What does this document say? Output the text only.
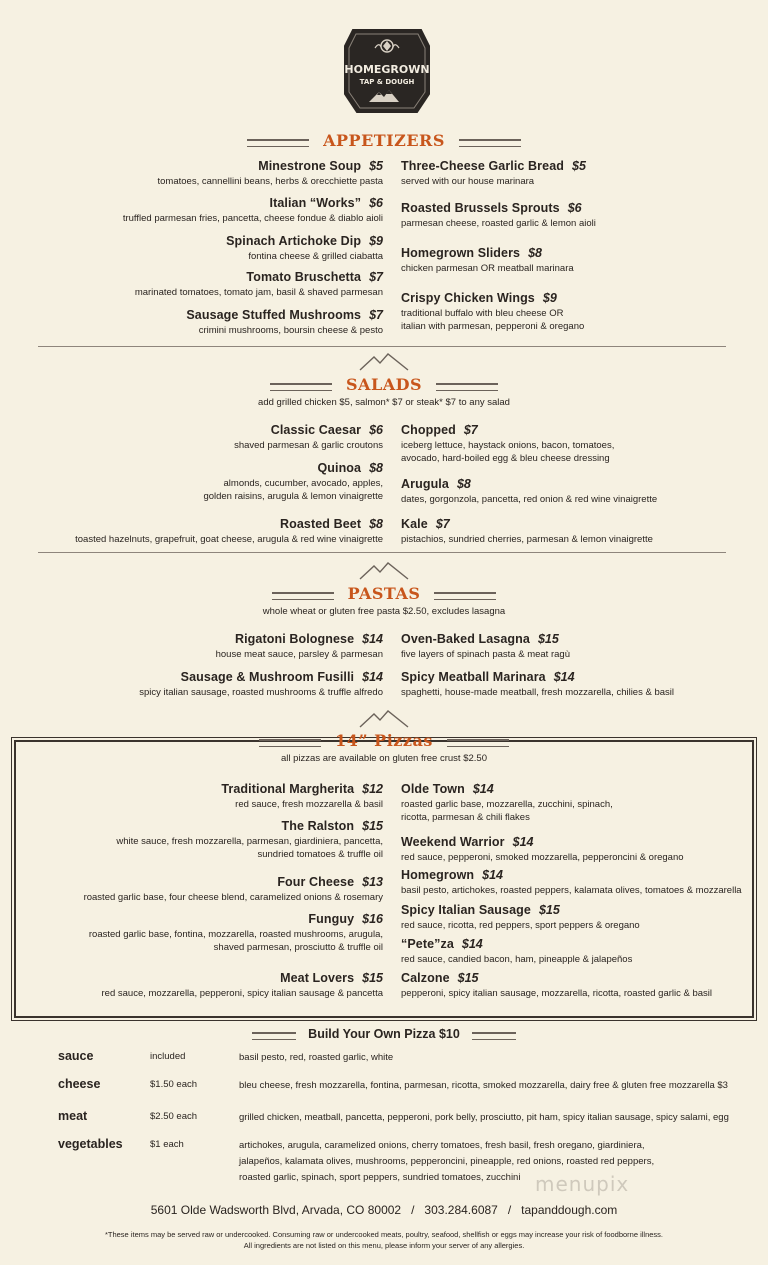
HOMEGROWN
TAP & DOUGH
APPETIZERS
Minestrone Soup $5
tomatoes, cannellini beans, herbs & orecchiette pasta
Italian “Works” $6
truffled parmesan fries, pancetta, cheese fondue & diablo aioli
Spinach Artichoke Dip $9
fontina cheese & grilled ciabatta
Tomato Bruschetta $7
marinated tomatoes, tomato jam, basil & shaved parmesan
Sausage Stuffed Mushrooms $7
crimini mushrooms, boursin cheese & pesto
Three-Cheese Garlic Bread $5
served with our house marinara
Roasted Brussels Sprouts $6
parmesan cheese, roasted garlic & lemon aioli
Homegrown Sliders $8
chicken parmesan OR meatball marinara
Crispy Chicken Wings $9
traditional buffalo with bleu cheese OR
italian with parmesan, pepperoni & oregano
SALADS
add grilled chicken $5, salmon* $7 or steak* $7 to any salad
Classic Caesar $6
shaved parmesan & garlic croutons
Quinoa $8
almonds, cucumber, avocado, apples,
golden raisins, arugula & lemon vinaigrette
Roasted Beet $8
toasted hazelnuts, grapefruit, goat cheese, arugula & red wine vinaigrette
Chopped $7
iceberg lettuce, haystack onions, bacon, tomatoes,
avocado, hard-boiled egg & bleu cheese dressing
Arugula $8
dates, gorgonzola, pancetta, red onion & red wine vinaigrette
Kale $7
pistachios, sundried cherries, parmesan & lemon vinaigrette
PASTAS
whole wheat or gluten free pasta $2.50, excludes lasagna
Rigatoni Bolognese $14
house meat sauce, parsley & parmesan
Sausage & Mushroom Fusilli $14
spicy italian sausage, roasted mushrooms & truffle alfredo
Oven-Baked Lasagna $15
five layers of spinach pasta & meat ragù
Spicy Meatball Marinara $14
spaghetti, house-made meatball, fresh mozzarella, chilies & basil
14” Pizzas
all pizzas are available on gluten free crust $2.50
Traditional Margherita $12
red sauce, fresh mozzarella & basil
The Ralston $15
white sauce, fresh mozzarella, parmesan, giardiniera, pancetta,
sundried tomatoes & truffle oil
Four Cheese $13
roasted garlic base, four cheese blend, caramelized onions & rosemary
Funguy $16
roasted garlic base, fontina, mozzarella, roasted mushrooms, arugula,
shaved parmesan, prosciutto & truffle oil
Meat Lovers $15
red sauce, mozzarella, pepperoni, spicy italian sausage & pancetta
Olde Town $14
roasted garlic base, mozzarella, zucchini, spinach,
ricotta, parmesan & chili flakes
Weekend Warrior $14
red sauce, pepperoni, smoked mozzarella, pepperoncini & oregano
Homegrown $14
basil pesto, artichokes, roasted peppers, kalamata olives, tomatoes & mozzarella
Spicy Italian Sausage $15
red sauce, ricotta, red peppers, sport peppers & oregano
“Pete”za $14
red sauce, candied bacon, ham, pineapple & jalapeños
Calzone $15
pepperoni, spicy italian sausage, mozzarella, ricotta, roasted garlic & basil
Build Your Own Pizza $10
sauce	included	basil pesto, red, roasted garlic, white
cheese	$1.50 each	bleu cheese, fresh mozzarella, fontina, parmesan, ricotta, smoked mozzarella, dairy free & gluten free mozzarella $3
meat	$2.50 each	grilled chicken, meatball, pancetta, pepperoni, pork belly, prosciutto, pit ham, spicy italian sausage, spicy salami, egg
vegetables	$1 each	artichokes, arugula, caramelized onions, cherry tomatoes, fresh basil, fresh oregano, giardiniera,
jalapeños, kalamata olives, mushrooms, pepperoncini, pineapple, red onions, roasted red peppers,
roasted garlic, spinach, sport peppers, sundried tomatoes, zucchini menupix
5601 Olde Wadsworth Blvd, Arvada, CO 80002   /   303.284.6087   /   tapanddough.com
*These items may be served raw or undercooked. Consuming raw or undercooked meats, poultry, seafood, shellfish or eggs may increase your risk of foodborne illness.
All ingredients are not listed on this menu, please inform your server of any allergies.
